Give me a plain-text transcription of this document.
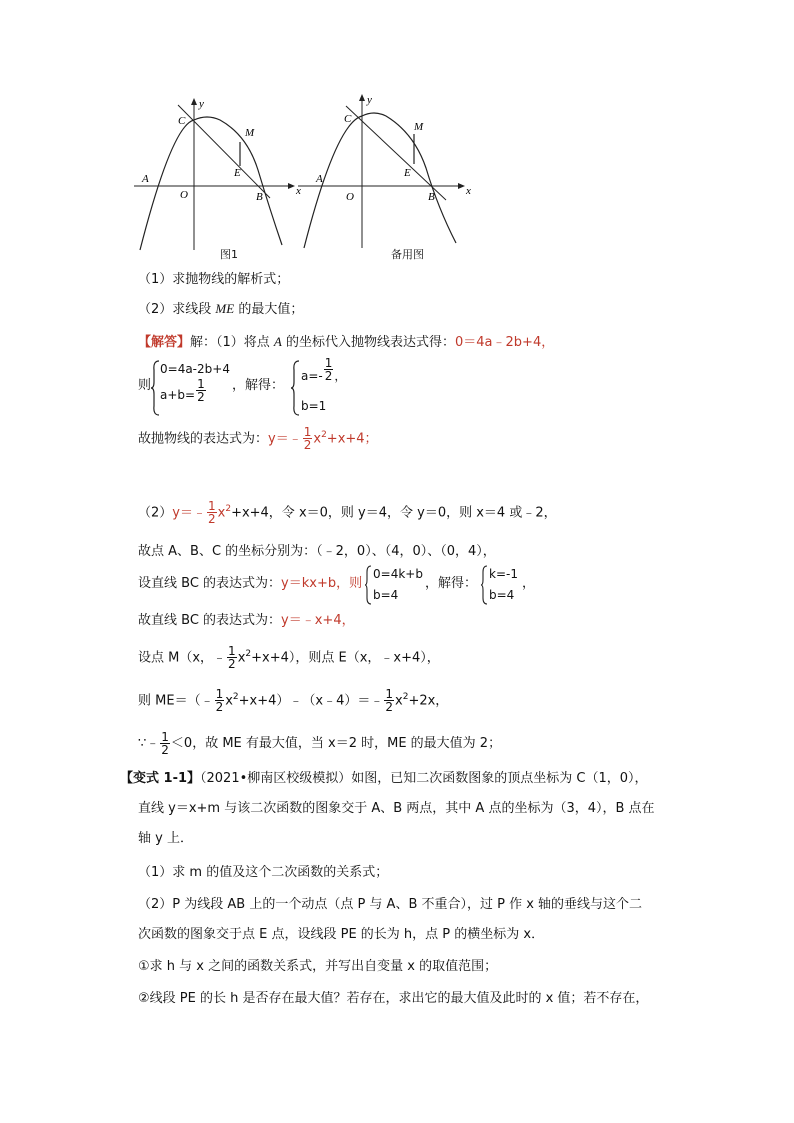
y
x
C
M
E
A
O	B
图1
y
x
C
M
E
A
O	B
备用图
（1）求抛物线的解析式；
（2）求线段 ME 的最大值；
【解答】解：（1）将点 A 的坐标代入抛物线表达式得：0＝4a﹣2b+4，
则
0=4a-2b+4
$a+b= \frac{1}{2}$ ，解得：
$a=- \frac{1}{2}$ ，
b=1
故抛物线的表达式为：y＝﹣ $\frac{1}{2} x^2+x+4$；
（2）y＝﹣ $\frac{1}{2} x^2+x+4$，令 x＝0，则 y＝4，令 y＝0，则 x＝4 或﹣2，
故点 A、B、C 的坐标分别为：（﹣2，0）、（4，0）、（0，4），
设直线 BC 的表达式为：y＝kx+b，则
0=4k+b
b=4
，解得：
k=-1
b=4
，
故直线 BC 的表达式为：y＝﹣x+4，
设点 M（x，﹣ $\frac{1}{2} x^2+x+4$），则点 E（x，﹣x+4），
则 ME＝（﹣ $\frac{1}{2}$ $x^2+x+4)﹣(x﹣4)=﹣ \frac{1}{2} x^2+2x$，
∵﹣ $\frac{1}{2} <0$，故 ME 有最大值，当 x＝2 时，ME 的最大值为 2；
【变式 1-1】（2021•柳南区校级模拟）如图，已知二次函数图象的顶点坐标为 C（1，0），
直线 y＝x+m 与该二次函数的图象交于 A、B 两点，其中 A 点的坐标为（3，4），B 点在
轴 y 上．
（1）求 m 的值及这个二次函数的关系式；
（2）P 为线段 AB 上的一个动点（点 P 与 A、B 不重合），过 P 作 x 轴的垂线与这个二
次函数的图象交于点 E 点，设线段 PE 的长为 h，点 P 的横坐标为 x．
①求 h 与 x 之间的函数关系式，并写出自变量 x 的取值范围；
②线段 PE 的长 h 是否存在最大值？若存在，求出它的最大值及此时的 x 值；若不存在，
